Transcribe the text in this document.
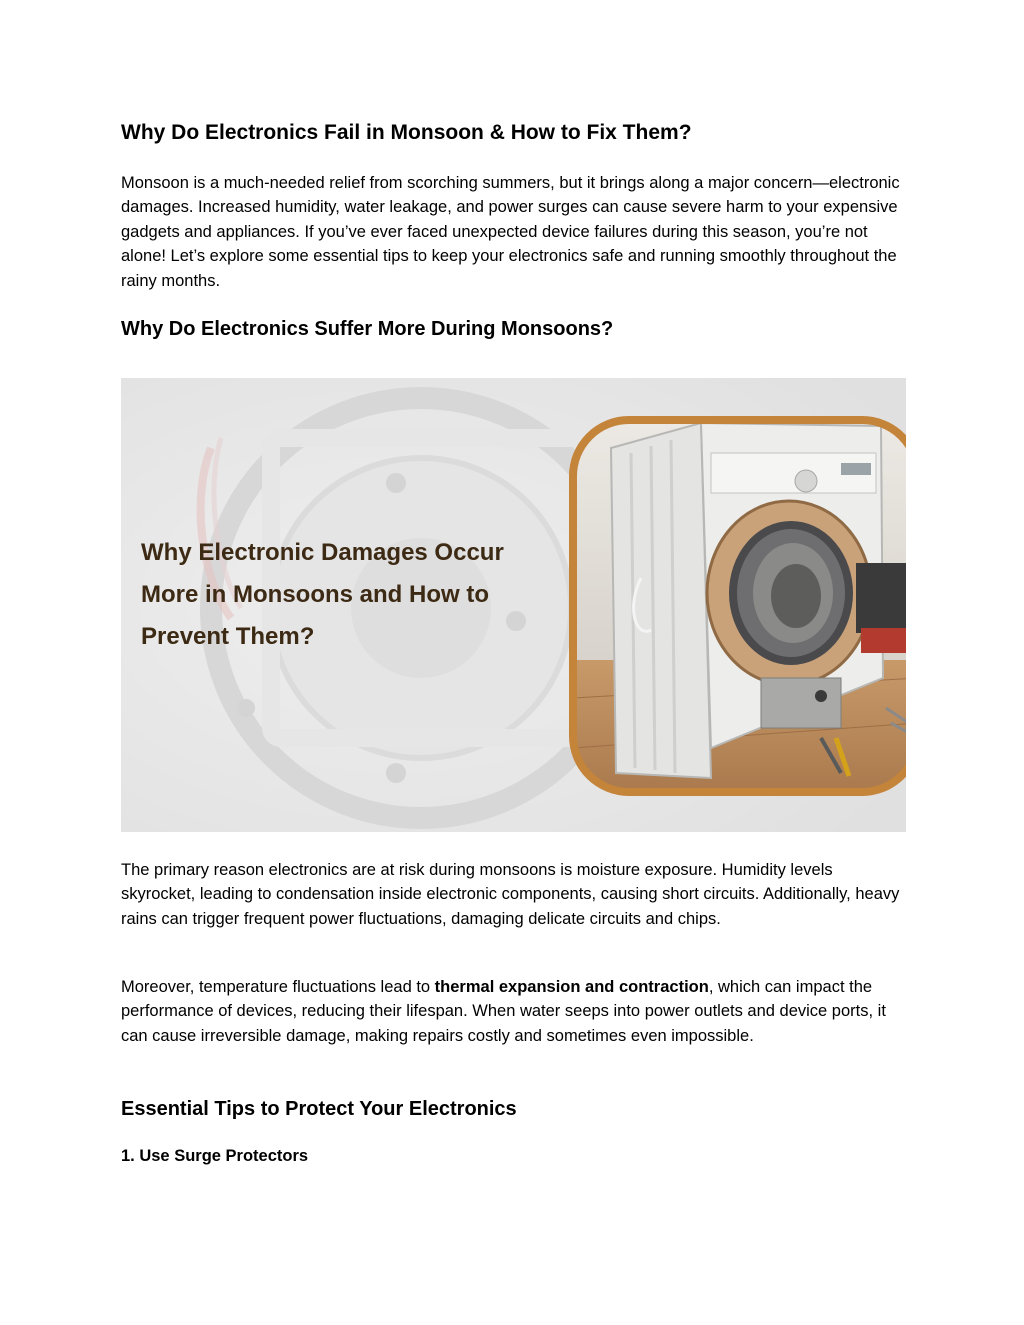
Why Do Electronics Fail in Monsoon & How to Fix Them?

Monsoon is a much-needed relief from scorching summers, but it brings along a major concern—electronic damages. Increased humidity, water leakage, and power surges can cause severe harm to your expensive gadgets and appliances. If you’ve ever faced unexpected device failures during this season, you’re not alone! Let’s explore some essential tips to keep your electronics safe and running smoothly throughout the rainy months.

Why Do Electronics Suffer More During Monsoons?
Why Electronic Damages Occur
More in Monsoons and How to
Prevent Them?

The primary reason electronics are at risk during monsoons is moisture exposure. Humidity levels skyrocket, leading to condensation inside electronic components, causing short circuits. Additionally, heavy rains can trigger frequent power fluctuations, damaging delicate circuits and chips.

Moreover, temperature fluctuations lead to thermal expansion and contraction, which can impact the performance of devices, reducing their lifespan. When water seeps into power outlets and device ports, it can cause irreversible damage, making repairs costly and sometimes even impossible.

Essential Tips to Protect Your Electronics
1. Use Surge Protectors
